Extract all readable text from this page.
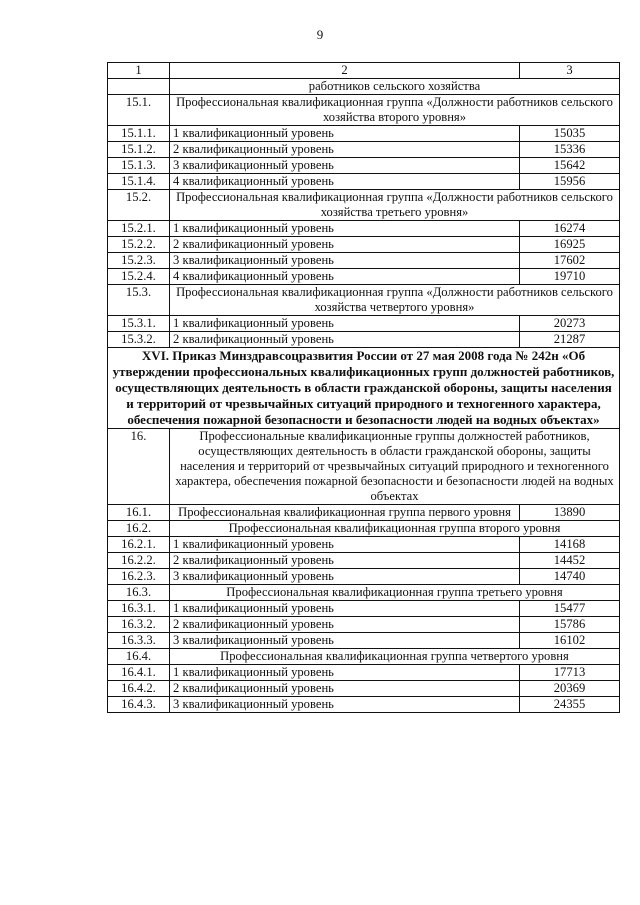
9
1	2	3
	работников сельского хозяйства	
15.1.	Профессиональная квалификационная группа «Должности работников сельского хозяйства второго уровня»	
15.1.1.	1 квалификационный уровень	15035
15.1.2.	2 квалификационный уровень	15336
15.1.3.	3 квалификационный уровень	15642
15.1.4.	4 квалификационный уровень	15956
15.2.	Профессиональная квалификационная группа «Должности работников сельского хозяйства третьего уровня»	
15.2.1.	1 квалификационный уровень	16274
15.2.2.	2 квалификационный уровень	16925
15.2.3.	3 квалификационный уровень	17602
15.2.4.	4 квалификационный уровень	19710
15.3.	Профессиональная квалификационная группа «Должности работников сельского хозяйства четвертого уровня»	
15.3.1.	1 квалификационный уровень	20273
15.3.2.	2 квалификационный уровень	21287
XVI. Приказ Минздравсоцразвития России от 27 мая 2008 года № 242н «Об утверждении профессиональных квалификационных групп должностей работников, осуществляющих деятельность в области гражданской обороны, защиты населения и территорий от чрезвычайных ситуаций природного и техногенного характера, обеспечения пожарной безопасности и безопасности людей на водных объектах»		
16.	Профессиональные квалификационные группы должностей работников, осуществляющих деятельность в области гражданской обороны, защиты населения и территорий от чрезвычайных ситуаций природного и техногенного характера, обеспечения пожарной безопасности и безопасности людей на водных объектах	
16.1.	Профессиональная квалификационная группа первого уровня	13890
16.2.	Профессиональная квалификационная группа второго уровня	
16.2.1.	1 квалификационный уровень	14168
16.2.2.	2 квалификационный уровень	14452
16.2.3.	3 квалификационный уровень	14740
16.3.	Профессиональная квалификационная группа третьего уровня	
16.3.1.	1 квалификационный уровень	15477
16.3.2.	2 квалификационный уровень	15786
16.3.3.	3 квалификационный уровень	16102
16.4.	Профессиональная квалификационная группа четвертого уровня	
16.4.1.	1 квалификационный уровень	17713
16.4.2.	2 квалификационный уровень	20369
16.4.3.	3 квалификационный уровень	24355
